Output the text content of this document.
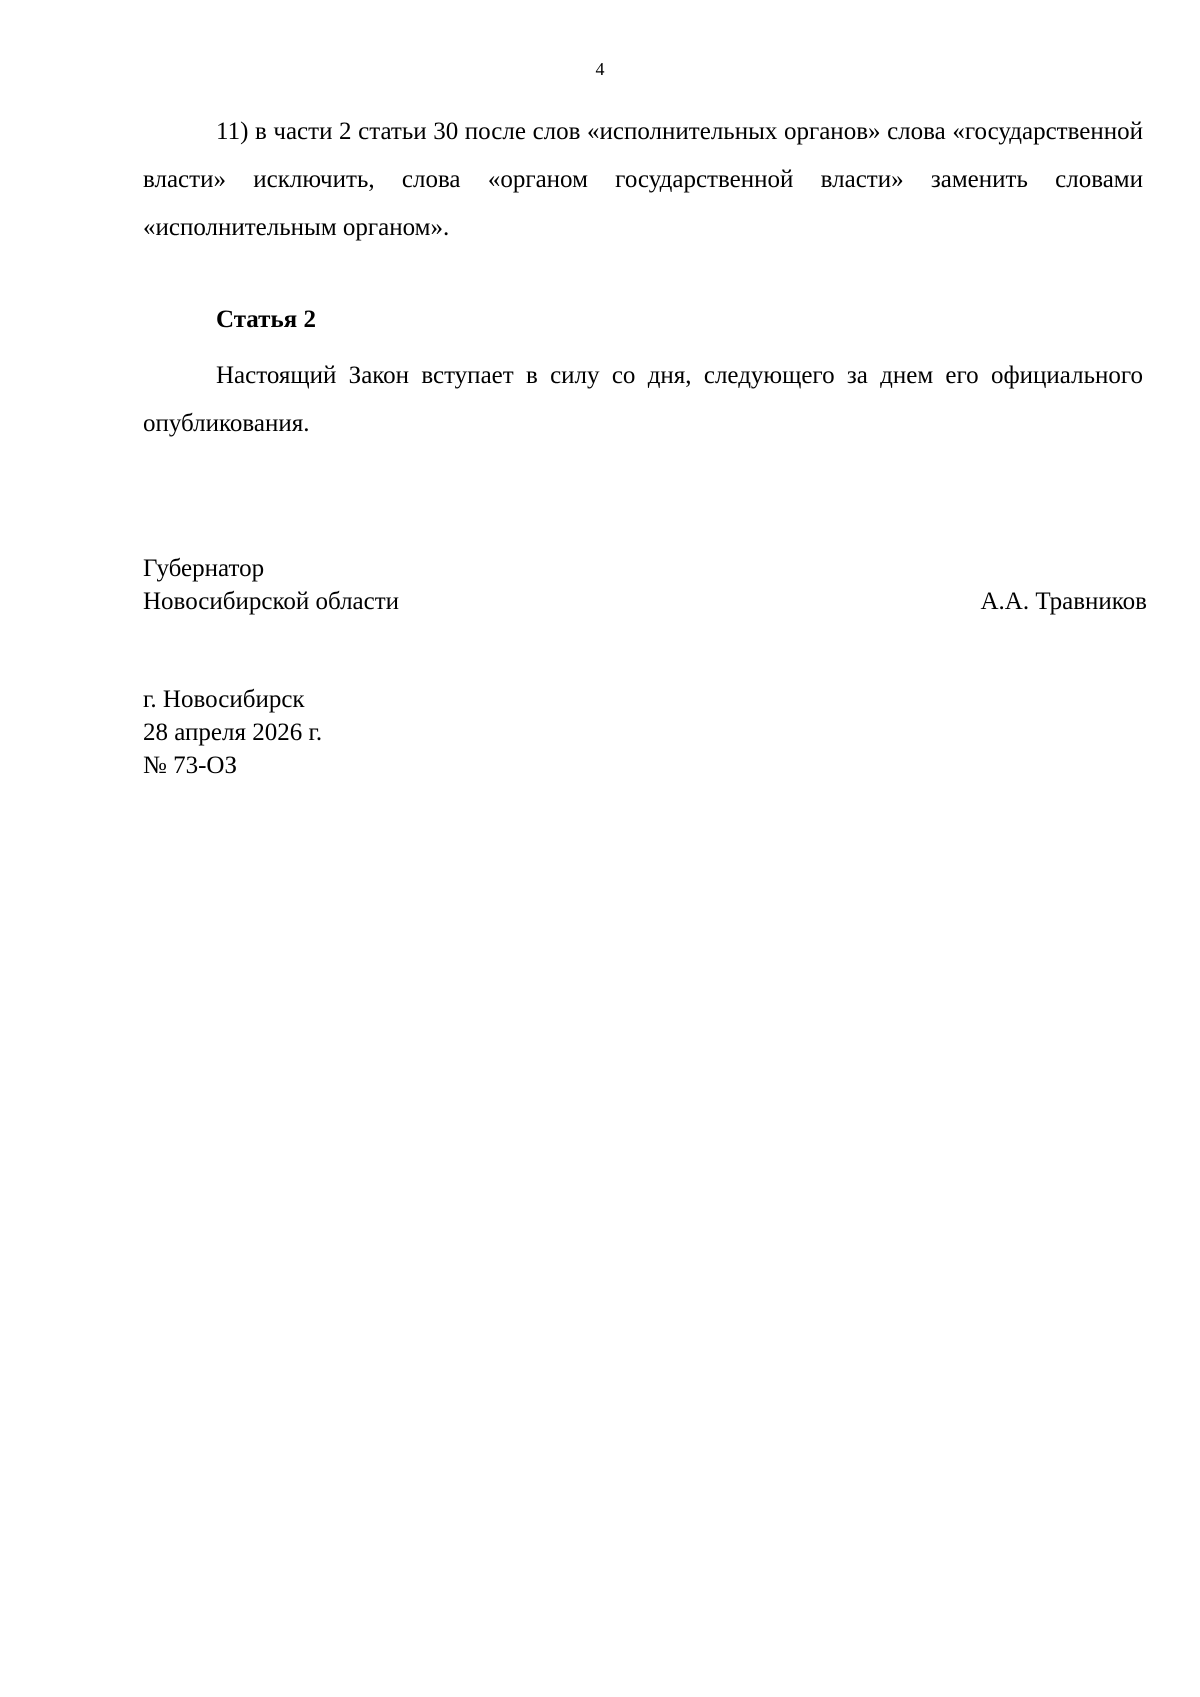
4

11) в части 2 статьи 30 после слов «исполнительных органов» слова «государственной власти» исключить, слова «органом государственной власти» заменить словами «исполнительным органом».

Статья 2

Настоящий Закон вступает в силу со дня, следующего за днем его официального опубликования.

Губернатор
Новосибирской области	А.А. Травников
г. Новосибирск
28 апреля 2026 г.
№ 73-ОЗ
